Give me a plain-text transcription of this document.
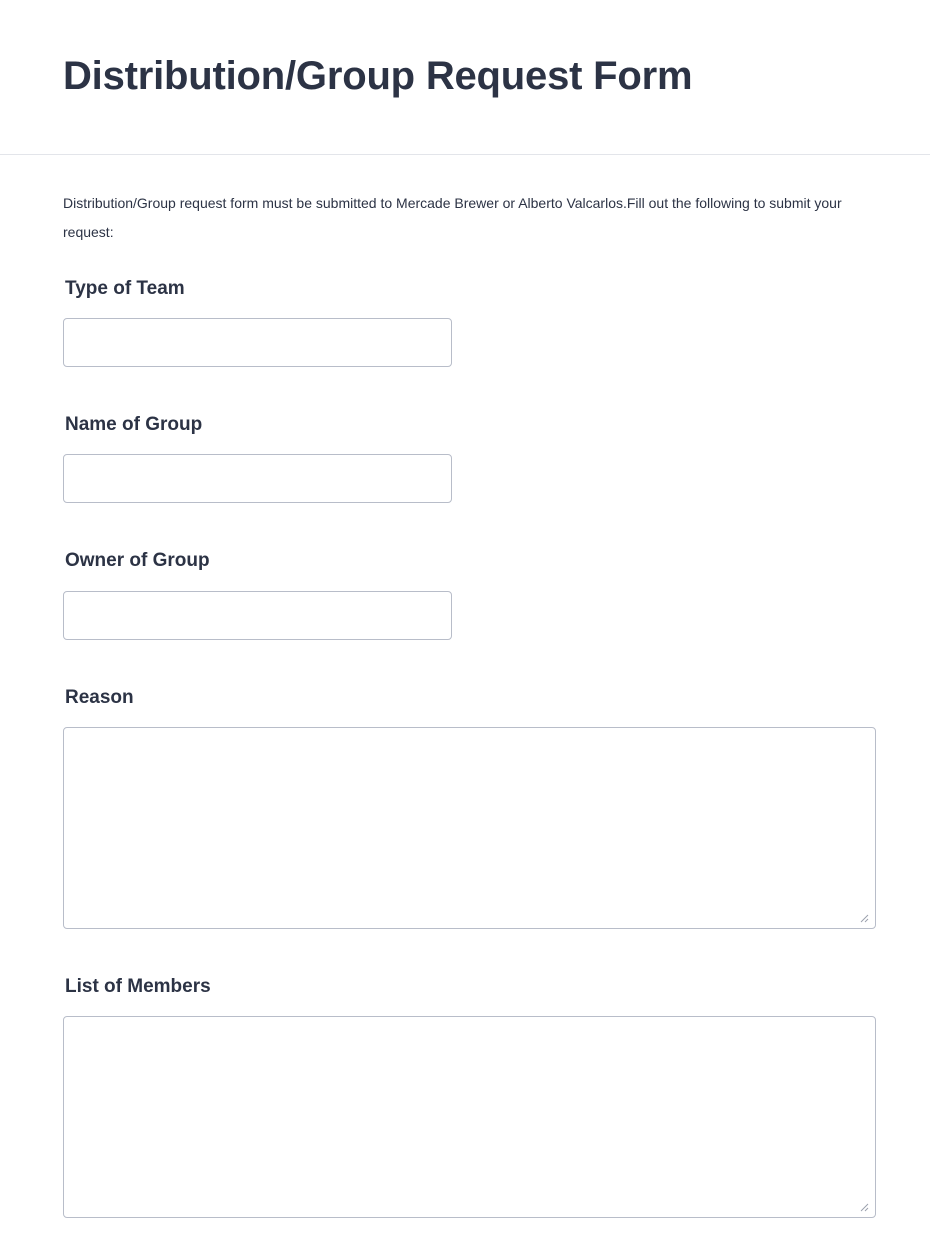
Distribution/Group Request Form

Distribution/Group request form must be submitted to Mercade Brewer or Alberto Valcarlos.Fill out the following to submit your request:

Type of Team
Name of Group
Owner of Group
Reason
List of Members
